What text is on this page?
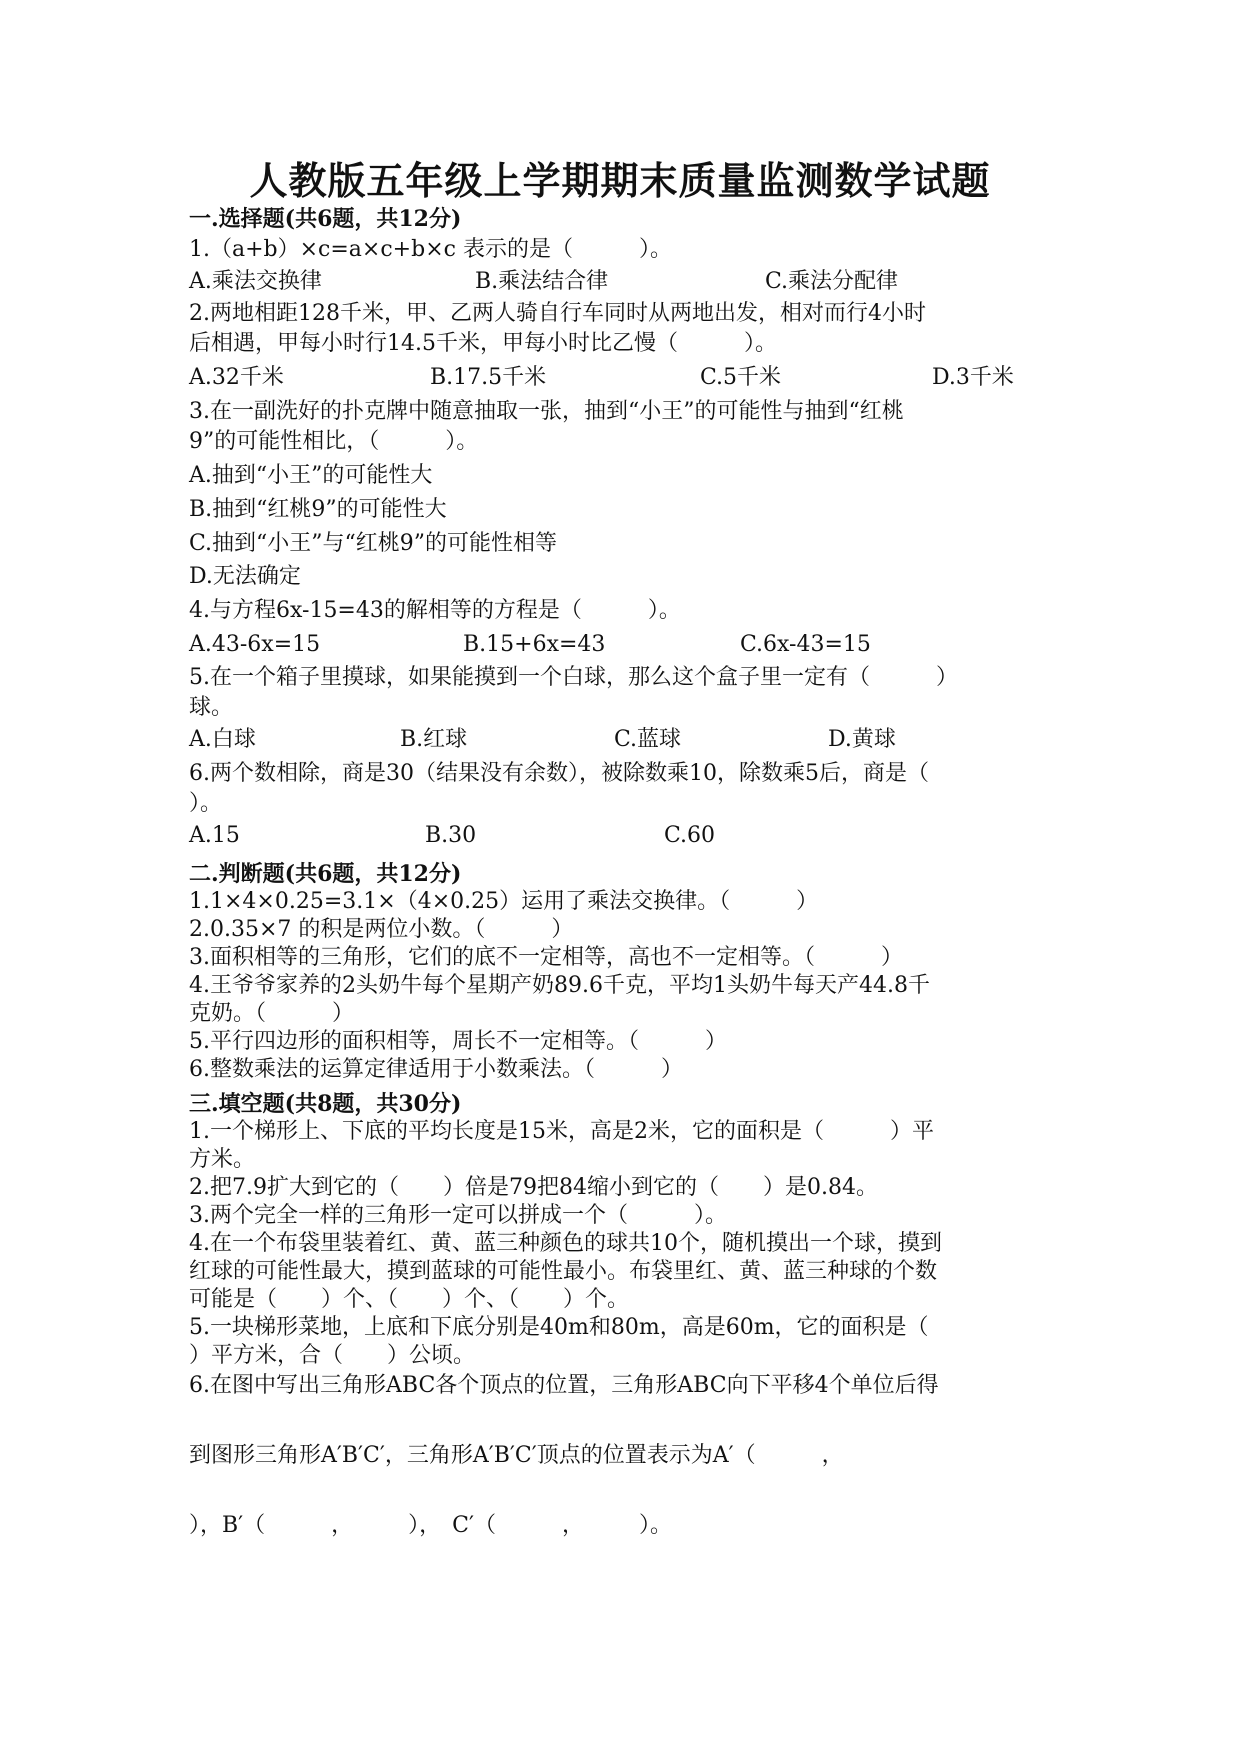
人教版五年级上学期期末质量监测数学试题
一.选择题(共6题，共12分)
1.（a+b）×c=a×c+b×c 表示的是（　　　）。
A.乘法交换律	B.乘法结合律	C.乘法分配律
2.两地相距128千米，甲、乙两人骑自行车同时从两地出发，相对而行4小时
后相遇，甲每小时行14.5千米，甲每小时比乙慢（　　　）。
A.32千米	B.17.5千米	C.5千米	D.3千米
3.在一副洗好的扑克牌中随意抽取一张，抽到“小王”的可能性与抽到“红桃
9”的可能性相比，（　　　）。
A.抽到“小王”的可能性大
B.抽到“红桃9”的可能性大
C.抽到“小王”与“红桃9”的可能性相等
D.无法确定
4.与方程6x-15=43的解相等的方程是（　　　）。
A.43-6x=15	B.15+6x=43	C.6x-43=15
5.在一个箱子里摸球，如果能摸到一个白球，那么这个盒子里一定有（　　　）
球。
A.白球	B.红球	C.蓝球	D.黄球
6.两个数相除，商是30（结果没有余数），被除数乘10，除数乘5后，商是（
）。
A.15	B.30	C.60
二.判断题(共6题，共12分)
1.1×4×0.25=3.1×（4×0.25）运用了乘法交换律。（　　　）
2.0.35×7 的积是两位小数。（　　　）
3.面积相等的三角形，它们的底不一定相等，高也不一定相等。（　　　）
4.王爷爷家养的2头奶牛每个星期产奶89.6千克，平均1头奶牛每天产44.8千
克奶。（　　　）
5.平行四边形的面积相等，周长不一定相等。（　　　）
6.整数乘法的运算定律适用于小数乘法。（　　　）
三.填空题(共8题，共30分)
1.一个梯形上、下底的平均长度是15米，高是2米，它的面积是（　　　）平
方米。
2.把7.9扩大到它的（　　）倍是79把84缩小到它的（　　）是0.84。
3.两个完全一样的三角形一定可以拼成一个（　　　）。
4.在一个布袋里装着红、黄、蓝三种颜色的球共10个，随机摸出一个球，摸到
红球的可能性最大，摸到蓝球的可能性最小。布袋里红、黄、蓝三种球的个数
可能是（　　）个、（　　）个、（　　）个。
5.一块梯形菜地，上底和下底分别是40m和80m，高是60m，它的面积是（
）平方米，合（　　）公顷。
6.在图中写出三角形ABC各个顶点的位置，三角形ABC向下平移4个单位后得
到图形三角形A′B′C′，三角形A′B′C′顶点的位置表示为A′（　　　，
），B′（　　　，　　　），　C′（　　　，　　　）。
